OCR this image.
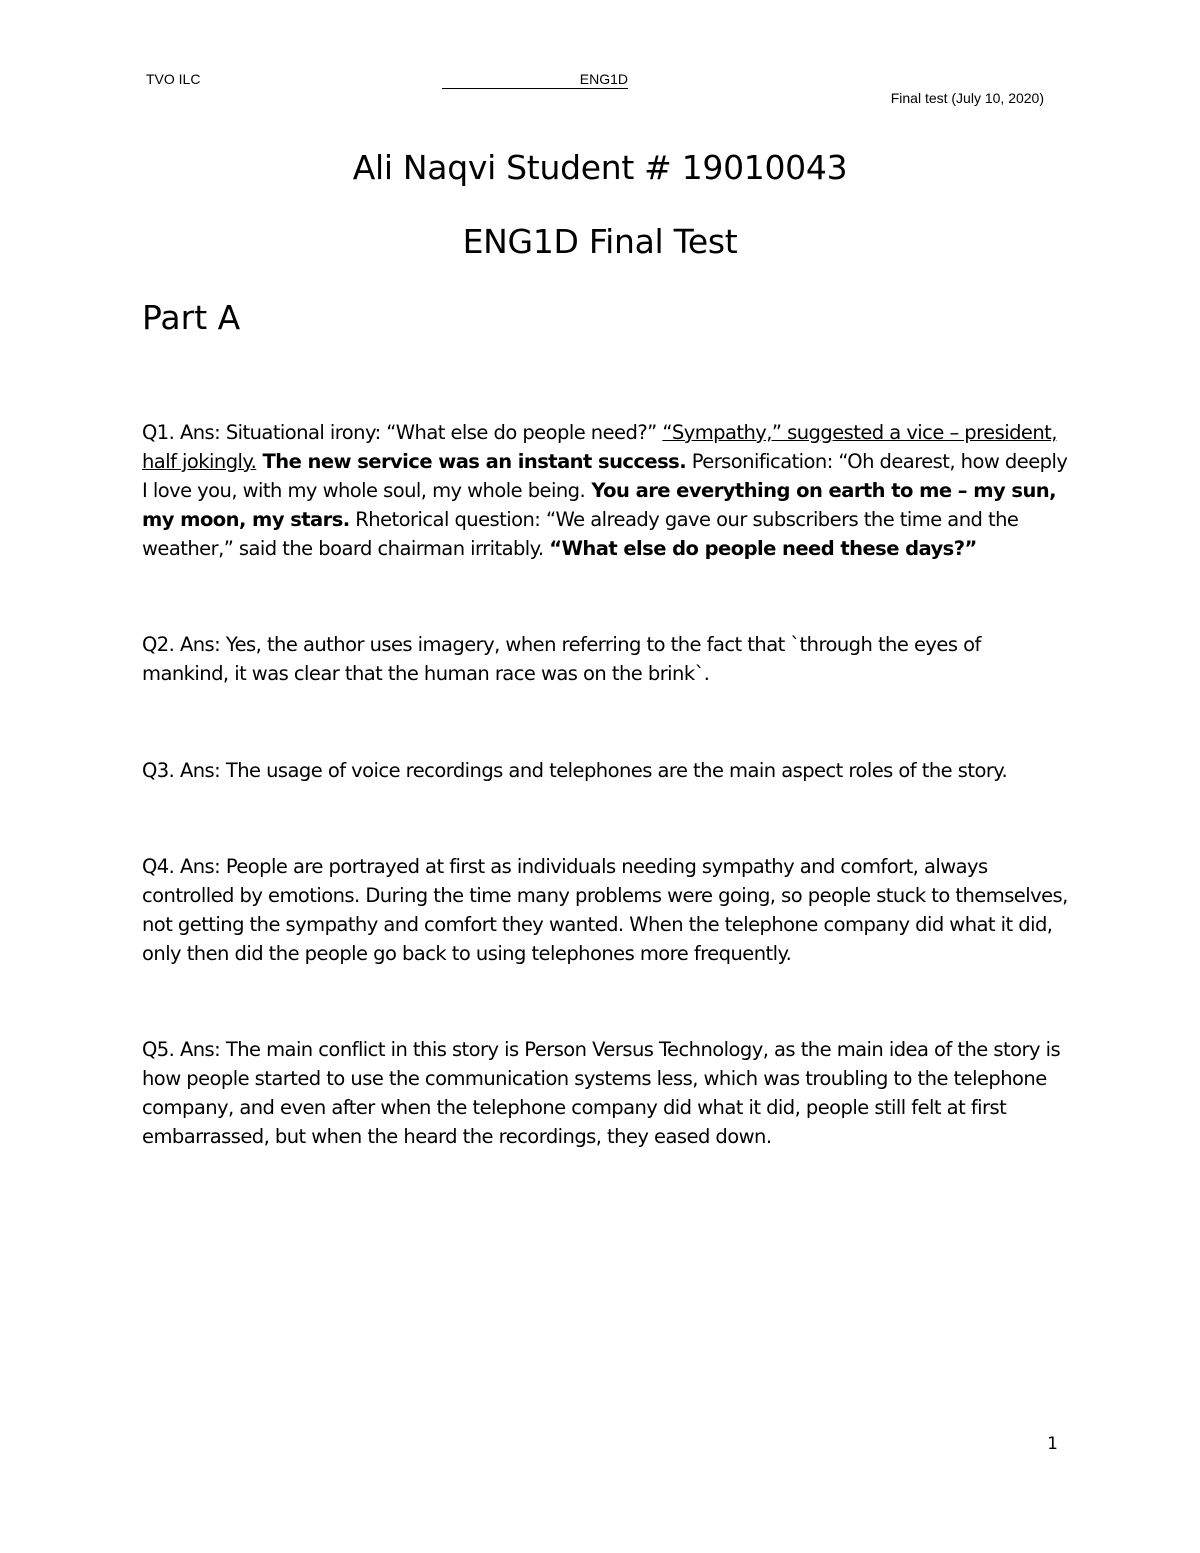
TVO ILC	ENG1D
Final test (July 10, 2020)
Ali Naqvi Student # 19010043
ENG1D Final Test
Part A
Q1. Ans: Situational irony: “What else do people need?” “Sympathy,” suggested a vice – president, half jokingly. The new service was an instant success. Personification: “Oh dearest, how deeply I love you, with my whole soul, my whole being. You are everything on earth to me – my sun, my moon, my stars. Rhetorical question: “We already gave our subscribers the time and the weather,” said the board chairman irritably. “What else do people need these days?”
Q2. Ans: Yes, the author uses imagery, when referring to the fact that `through the eyes of mankind, it was clear that the human race was on the brink`.
Q3. Ans: The usage of voice recordings and telephones are the main aspect roles of the story.
Q4. Ans: People are portrayed at first as individuals needing sympathy and comfort, always controlled by emotions. During the time many problems were going, so people stuck to themselves, not getting the sympathy and comfort they wanted. When the telephone company did what it did, only then did the people go back to using telephones more frequently.
Q5. Ans: The main conflict in this story is Person Versus Technology, as the main idea of the story is how people started to use the communication systems less, which was troubling to the telephone company, and even after when the telephone company did what it did, people still felt at first embarrassed, but when the heard the recordings, they eased down.
1
